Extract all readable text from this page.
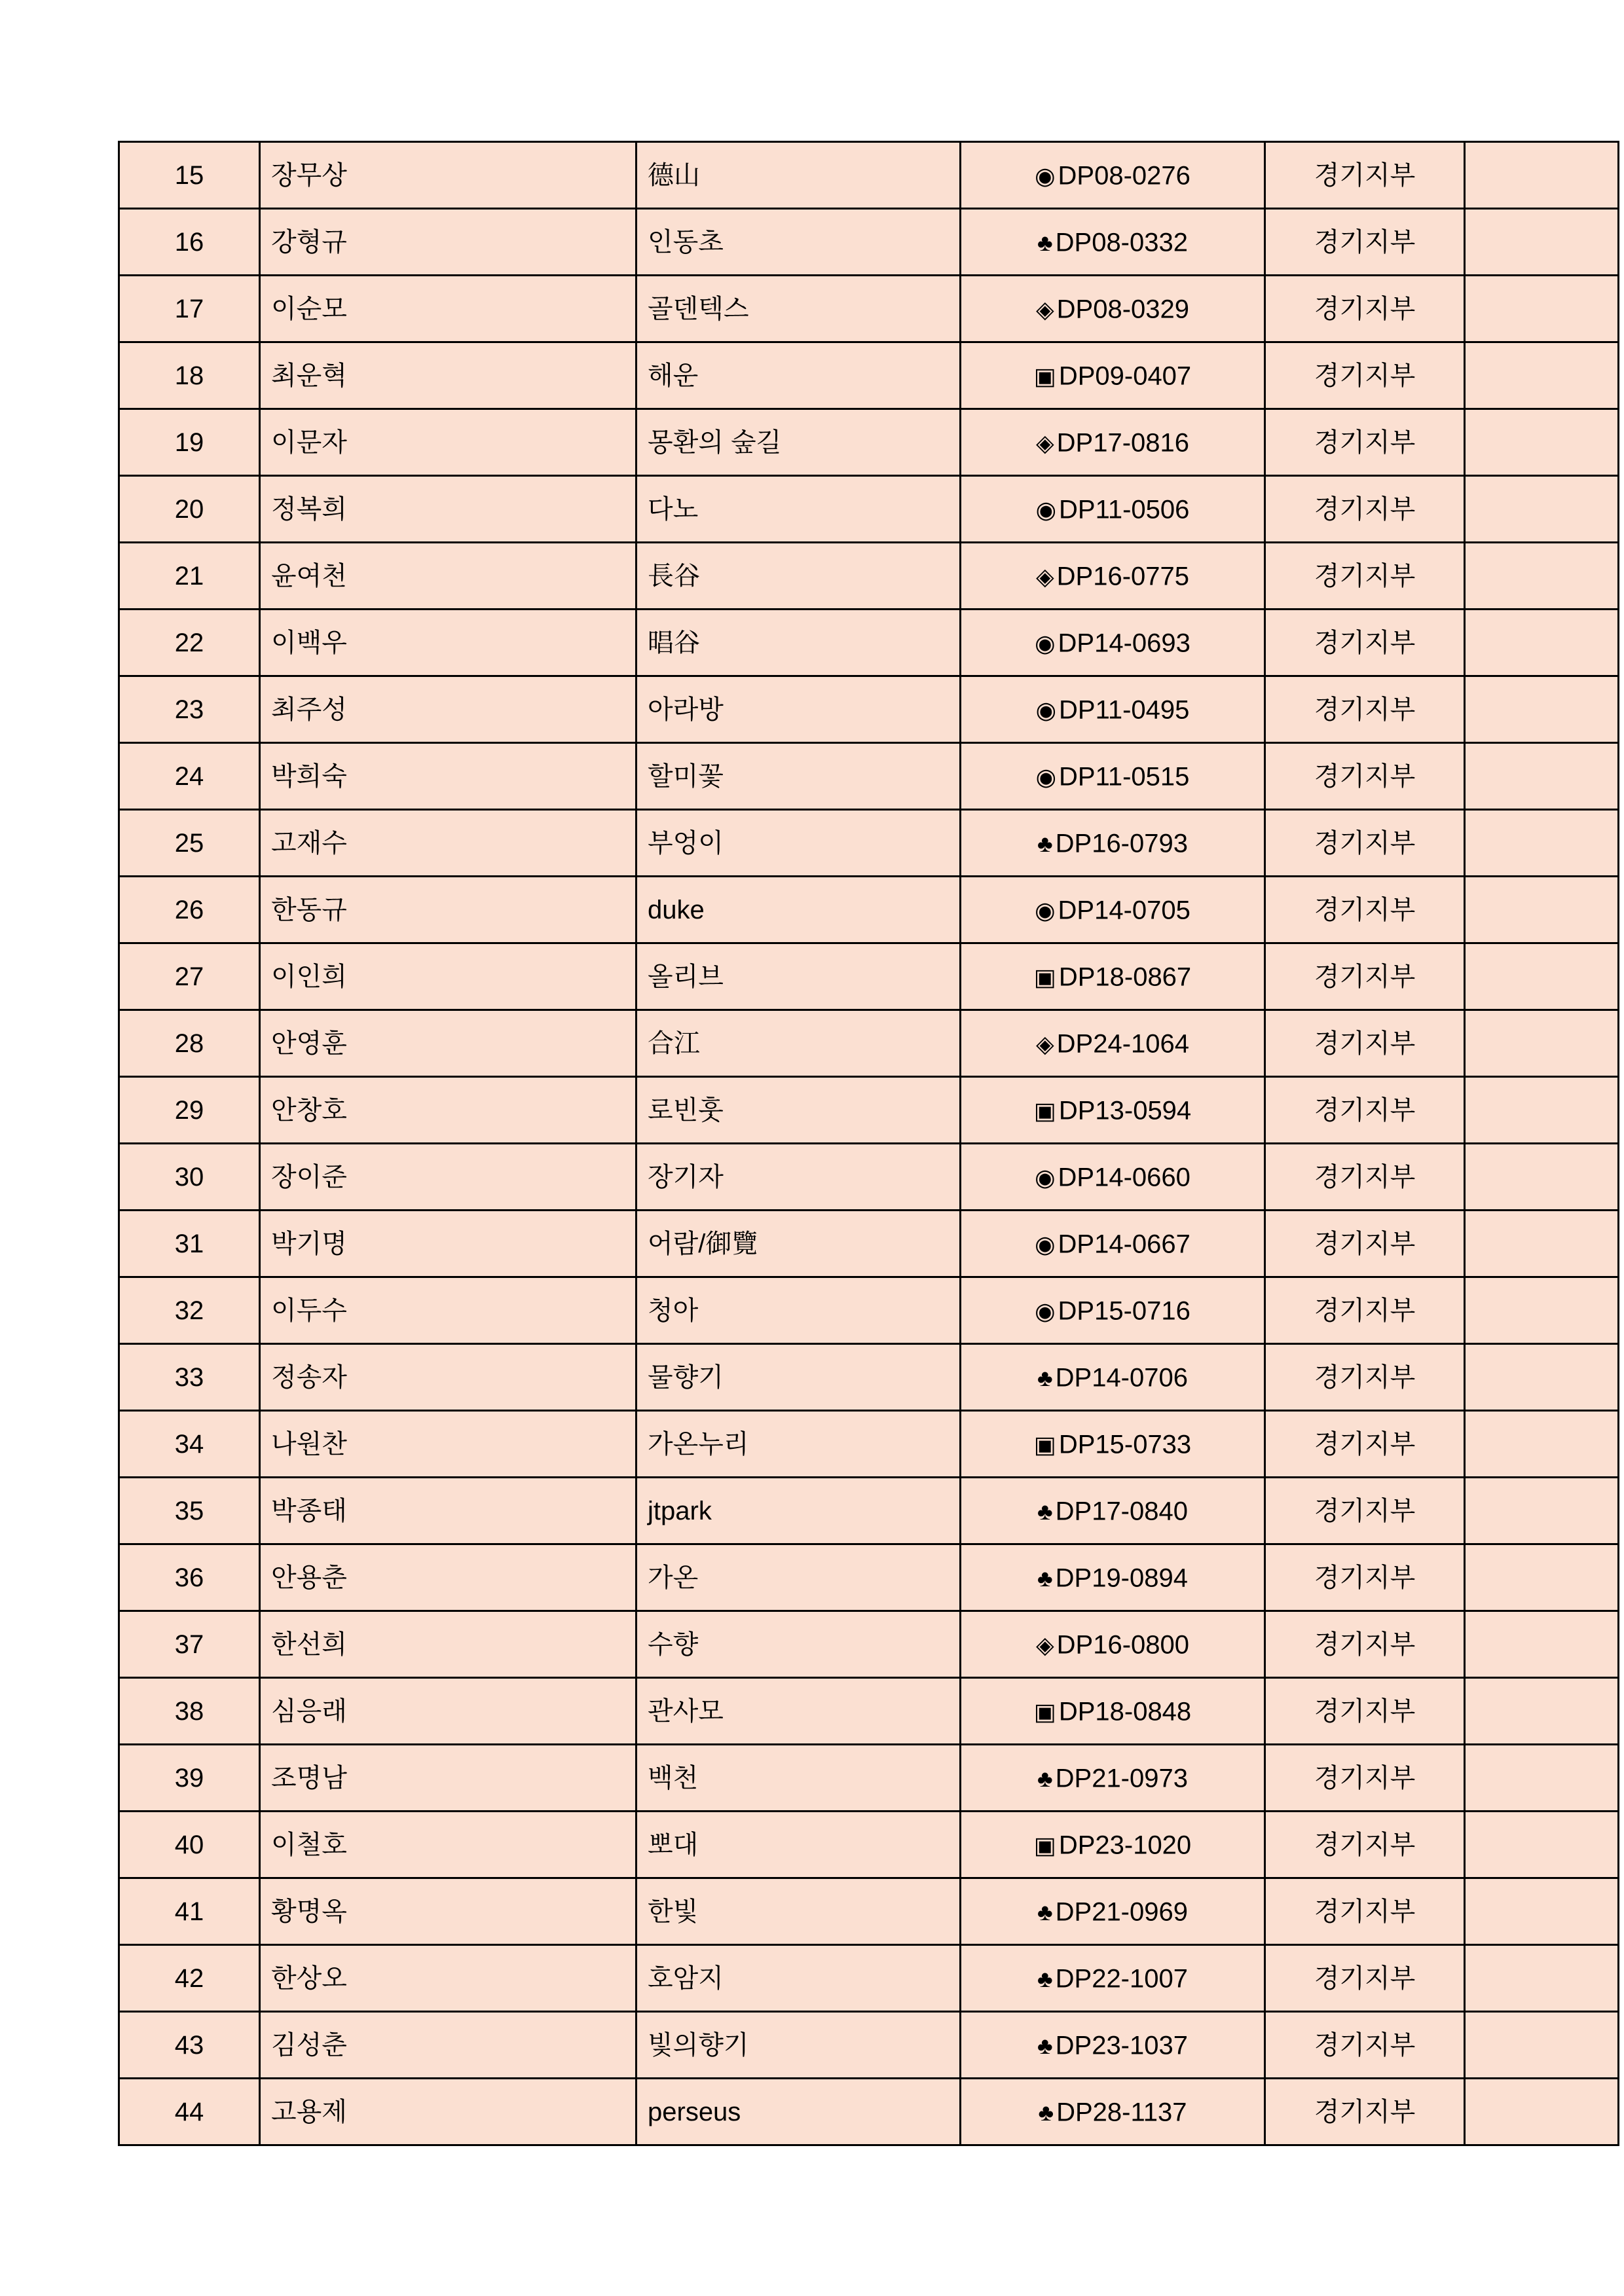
15	장무상	德山	◉ DP08-0276	경기지부	
16	강형규	인동초	♣ DP08-0332	경기지부	
17	이순모	골덴텍스	◈ DP08-0329	경기지부	
18	최운혁	해운	▣ DP09-0407	경기지부	
19	이문자	몽환의 숲길	◈ DP17-0816	경기지부	
20	정복희	다노	◉ DP11-0506	경기지부	
21	윤여천	長谷	◈ DP16-0775	경기지부	
22	이백우	晿谷	◉ DP14-0693	경기지부	
23	최주성	아라방	◉ DP11-0495	경기지부	
24	박희숙	할미꽃	◉ DP11-0515	경기지부	
25	고재수	부엉이	♣ DP16-0793	경기지부	
26	한동규	duke	◉ DP14-0705	경기지부	
27	이인희	올리브	▣ DP18-0867	경기지부	
28	안영훈	合江	◈ DP24-1064	경기지부	
29	안창호	로빈훗	▣ DP13-0594	경기지부	
30	장이준	장기자	◉ DP14-0660	경기지부	
31	박기명	어람/御覽	◉ DP14-0667	경기지부	
32	이두수	청아	◉ DP15-0716	경기지부	
33	정송자	물향기	♣ DP14-0706	경기지부	
34	나원찬	가온누리	▣ DP15-0733	경기지부	
35	박종태	jtpark	♣ DP17-0840	경기지부	
36	안용춘	가온	♣ DP19-0894	경기지부	
37	한선희	수향	◈ DP16-0800	경기지부	
38	심응래	관사모	▣ DP18-0848	경기지부	
39	조명남	백천	♣ DP21-0973	경기지부	
40	이철호	뽀대	▣ DP23-1020	경기지부	
41	황명옥	한빛	♣ DP21-0969	경기지부	
42	한상오	호암지	♣ DP22-1007	경기지부	
43	김성춘	빛의향기	♣ DP23-1037	경기지부	
44	고용제	perseus	♣ DP28-1137	경기지부	
